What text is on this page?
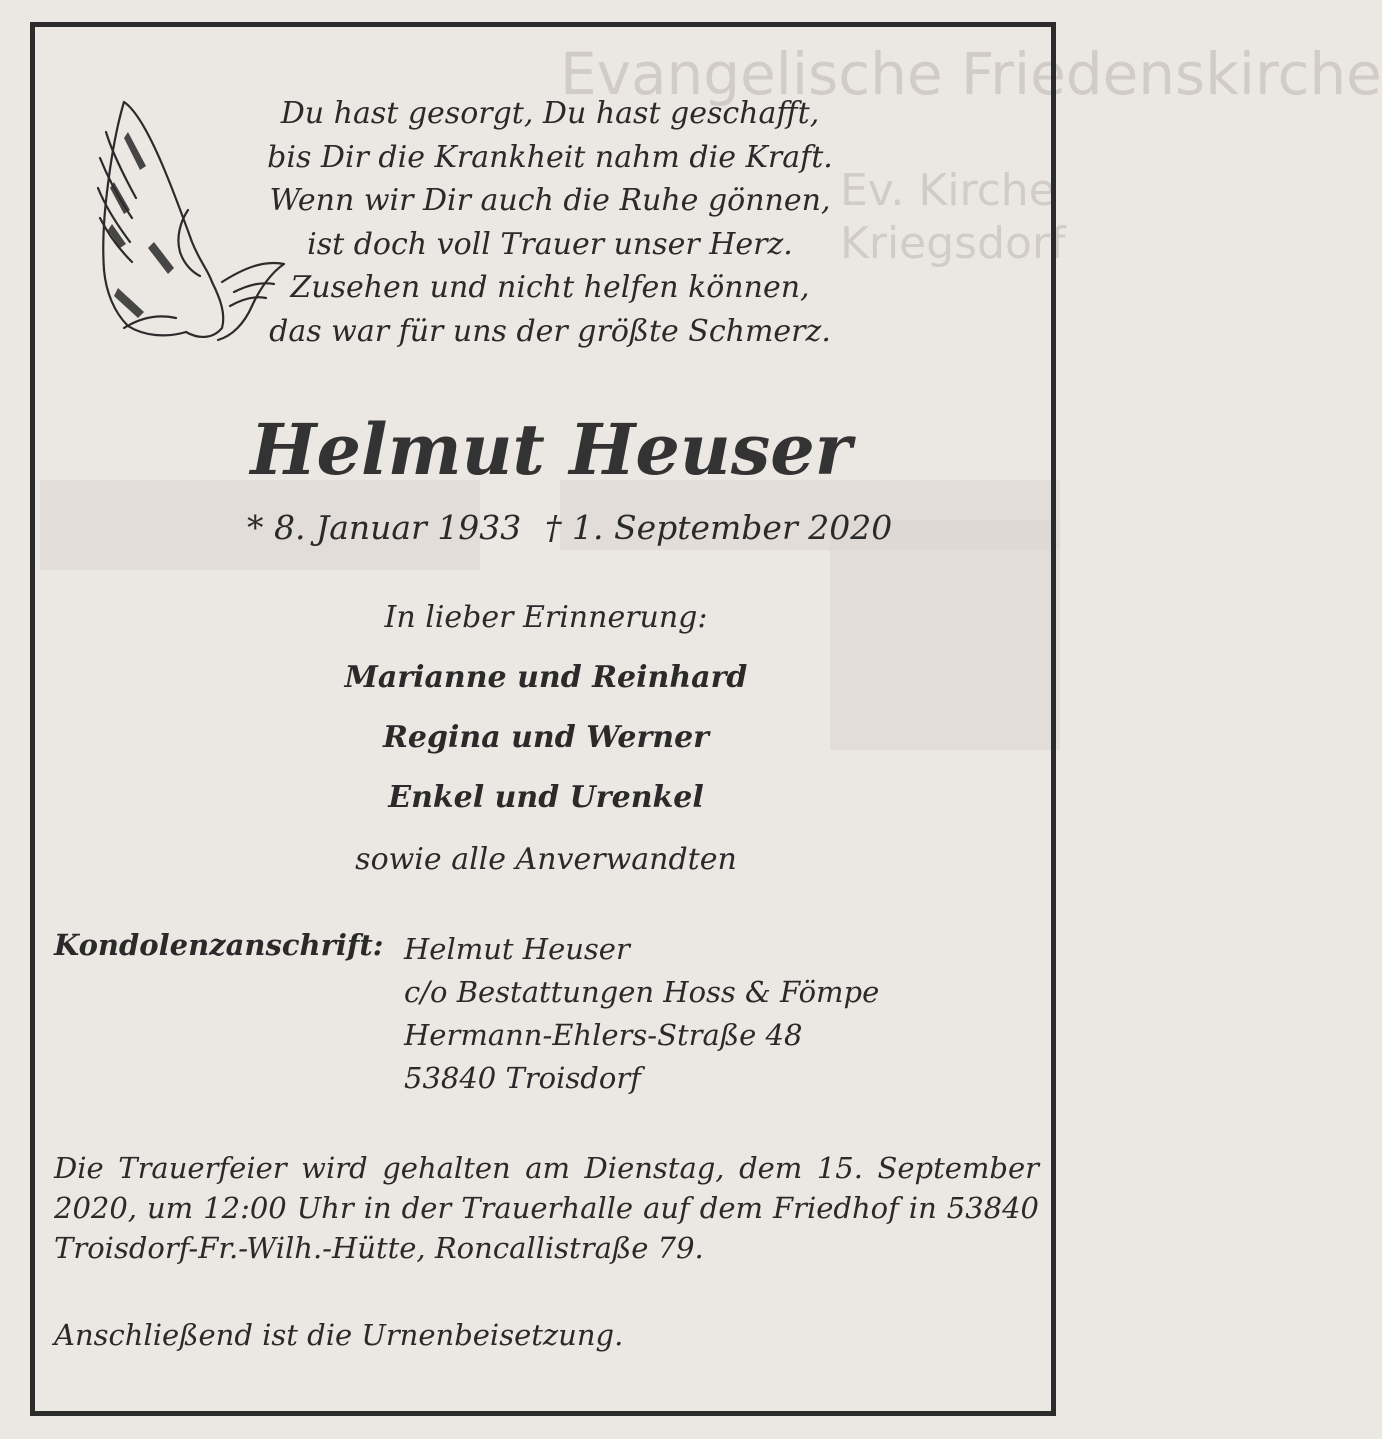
Evangelische Friedenskirche
Ev. Kirche
Kriegsdorf
Du hast gesorgt, Du hast geschafft,
bis Dir die Krankheit nahm die Kraft.
Wenn wir Dir auch die Ruhe gönnen,
ist doch voll Trauer unser Herz.
Zusehen und nicht helfen können,
das war für uns der größte Schmerz.
Helmut Heuser
* 8. Januar 1933 † 1. September 2020
In lieber Erinnerung:
Marianne und Reinhard
Regina und Werner
Enkel und Urenkel
sowie alle Anverwandten
Kondolenzanschrift: Helmut Heuser
c/o Bestattungen Hoss & Fömpe
Hermann-Ehlers-Straße 48
53840 Troisdorf
Die Trauerfeier wird gehalten am Dienstag, dem 15. September 2020, um 12:00 Uhr in der Trauerhalle auf dem Friedhof in 53840 Troisdorf-Fr.-Wilh.-Hütte, Roncallistraße 79.
Anschließend ist die Urnenbeisetzung.
